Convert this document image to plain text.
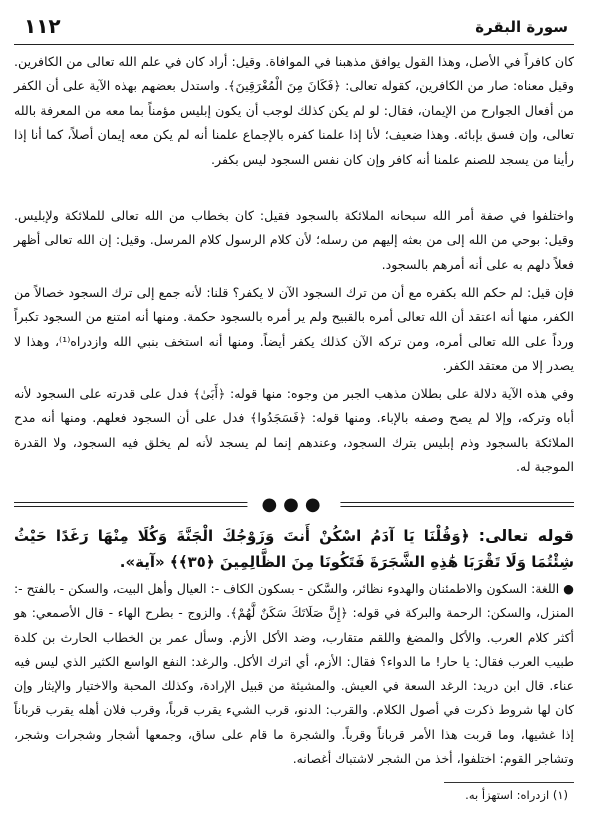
سورة البقرة
١١٢

كان كافراً في الأصل، وهذا القول يوافق مذهبنا في الموافاة. وقيل: أراد كان في علم الله تعالى من الكافرين. وقيل معناه: صار من الكافرين، كقوله تعالى: ﴿فَكَانَ مِنَ الْمُغْرَقِينَ﴾. واستدل بعضهم بهذه الآية على أن الكفر من أفعال الجوارح من الإيمان، فقال: لو لم يكن كذلك لوجب أن يكون إبليس مؤمناً بما معه من المعرفة بالله تعالى، وإن فسق بإبائه. وهذا ضعيف؛ لأنا إذا علمنا كفره بالإجماع علمنا أنه لم يكن معه إيمان أصلاً، كما أنا إذا رأينا من يسجد للصنم علمنا أنه كافر وإن كان نفس السجود ليس بكفر.

واختلفوا في صفة أمر الله سبحانه الملائكة بالسجود فقيل: كان بخطاب من الله تعالى للملائكة ولإبليس. وقيل: بوحي من الله إلى من بعثه إليهم من رسله؛ لأن كلام الرسول كلام المرسل. وقيل: إن الله تعالى أظهر فعلاً دلهم به على أنه أمرهم بالسجود.

فإن قيل: لم حكم الله بكفره مع أن من ترك السجود الآن لا يكفر؟ قلنا: لأنه جمع إلى ترك السجود خصالاً من الكفر، منها أنه اعتقد أن الله تعالى أمره بالقبيح ولم ير أمره بالسجود حكمة. ومنها أنه امتنع من السجود تكبراً ورداً على الله تعالى أمره، ومن تركه الآن كذلك يكفر أيضاً. ومنها أنه استخف بنبي الله وازدراه⁽¹⁾، وهذا لا يصدر إلا من معتقد الكفر.

وفي هذه الآية دلالة على بطلان مذهب الجبر من وجوه: منها قوله: ﴿أَبَىٰ﴾ فدل على قدرته على السجود لأنه أباه وتركه، وإلا لم يصح وصفه بالإباء. ومنها قوله: ﴿فَسَجَدُوا﴾ فدل على أن السجود فعلهم. ومنها أنه مدح الملائكة بالسجود وذم إبليس بترك السجود، وعندهم إنما لم يسجد لأنه لم يخلق فيه السجود، ولا القدرة الموجبة له.

●●●
قوله تعالى: ﴿وَقُلْنَا يَا آدَمُ اسْكُنْ أَنتَ وَزَوْجُكَ الْجَنَّةَ وَكُلَا مِنْهَا رَغَدًا حَيْثُ شِئْتُمَا وَلَا تَقْرَبَا هَٰذِهِ الشَّجَرَةَ فَتَكُونَا مِنَ الظَّالِمِينَ ﴿٣٥﴾﴾ «آية».

● اللغة: السكون والاطمئنان والهدوء نظائر، والسَّكن - بسكون الكاف -: العيال وأهل البيت، والسكن - بالفتح -: المنزل، والسكن: الرحمة والبركة في قوله: ﴿إِنَّ صَلَاتَكَ سَكَنٌ لَّهُمْ﴾. والزوج - بطرح الهاء - قال الأصمعي: هو أكثر كلام العرب. والأكل والمضغ واللقم متقارب، وضد الأكل الأزم. وسأل عمر بن الخطاب الحارث بن كلدة طبيب العرب فقال: يا حار! ما الدواء؟ فقال: الأزم، أي اترك الأكل. والرغد: النفع الواسع الكثير الذي ليس فيه عناء. قال ابن دريد: الرغد السعة في العيش. والمشيئة من قبيل الإرادة، وكذلك المحبة والاختيار والإيثار وإن كان لها شروط ذكرت في أصول الكلام. والقرب: الدنو، قرب الشيء يقرب قرباً، وقرب فلان أهله يقرب قرباناً إذا غشيها، وما قربت هذا الأمر قرباناً وقرباً. والشجرة ما قام على ساق، وجمعها أشجار وشجرات وشجر، وتشاجر القوم: اختلفوا، أخذ من الشجر لاشتباك أغصانه.

(١) ازدراه: استهزأ به.
